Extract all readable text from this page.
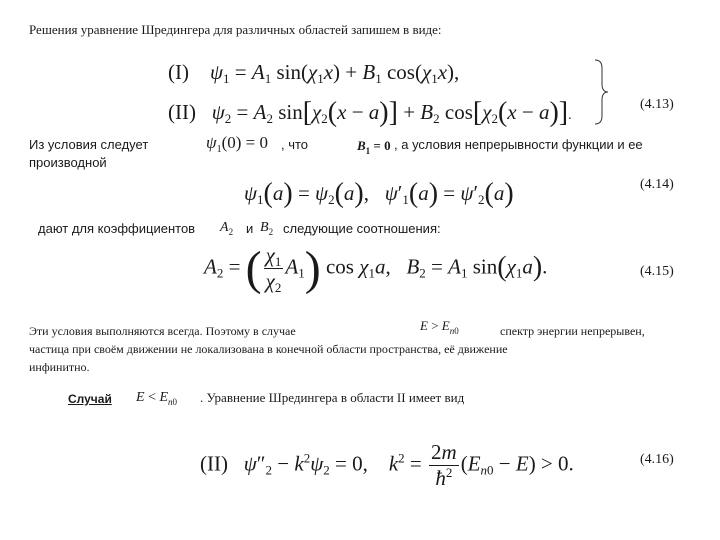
Решения уравнение Шредингера для различных областей запишем в виде:
(I) $\psi_1 = A_1$ $\sin(\chi_1x) + B_1$ $\cos(\chi_1x)$,
(II) $\psi_2 = A_2$ $\sin[\chi_2(x - a)] + B_2$ $\cos[\chi_2(x - a)]$.
(4.13)
Из условия следует	$\psi_1(0) = 0$ , что	$B_1 = 0$ , а условия непрерывности функции и ее
производной
$\psi_1(a) = \psi_2(a)$,   $\psi'_1(a) = \psi'_2(a)$	(4.14)
дают для коэффициентов $A_2$ и $B_2$ следующие соотношения:
$A_2$ = ( $\frac{\chi_1}{\chi_2} A_1$) $\cos \chi_1a$,   $B_2 = A_1$ $\sin(\chi_1a)$.	(4.15)
Эти условия выполняются всегда. Поэтому в случае	$E > E_{n0}$	спектр энергии непрерывен,
частица при своём движении не локализована в конечной области пространства, её движение
инфинитно.
Случай $E < E_{n0}$ . Уравнение Шредингера в области II имеет вид
(II) $\psi''_2 - k^2\psi_2 = 0$,    $k^2 = \frac{2m}{ħ^2} (E_{n0} - E) > 0$.	(4.16)
